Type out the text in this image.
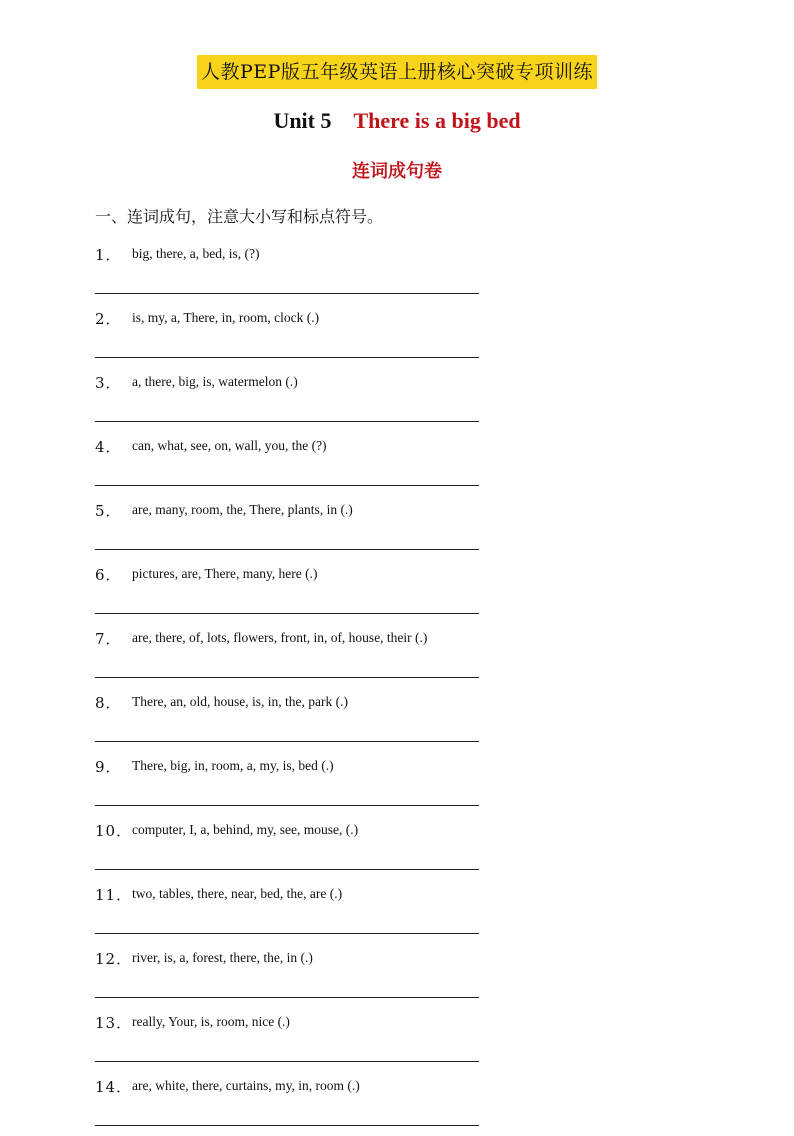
人教PEP版五年级英语上册核心突破专项训练
Unit 5 There is a big bed
连词成句卷
一、连词成句，注意大小写和标点符号。
1． big, there, a, bed, is, (?)
2． is, my, a, There, in, room, clock (.)
3． a, there, big, is, watermelon (.)
4． can, what, see, on, wall, you, the (?)
5． are, many, room, the, There, plants, in (.)
6． pictures, are, There, many, here (.)
7． are, there, of, lots, flowers, front, in, of, house, their (.)
8． There, an, old, house, is, in, the, park (.)
9． There, big, in, room, a, my, is, bed (.)
10． computer, I, a, behind, my, see, mouse, (.)
11． two, tables, there, near, bed, the, are (.)
12． river, is, a, forest, there, the, in (.)
13． really, Your, is, room, nice (.)
14． are, white, there, curtains, my, in, room (.)
